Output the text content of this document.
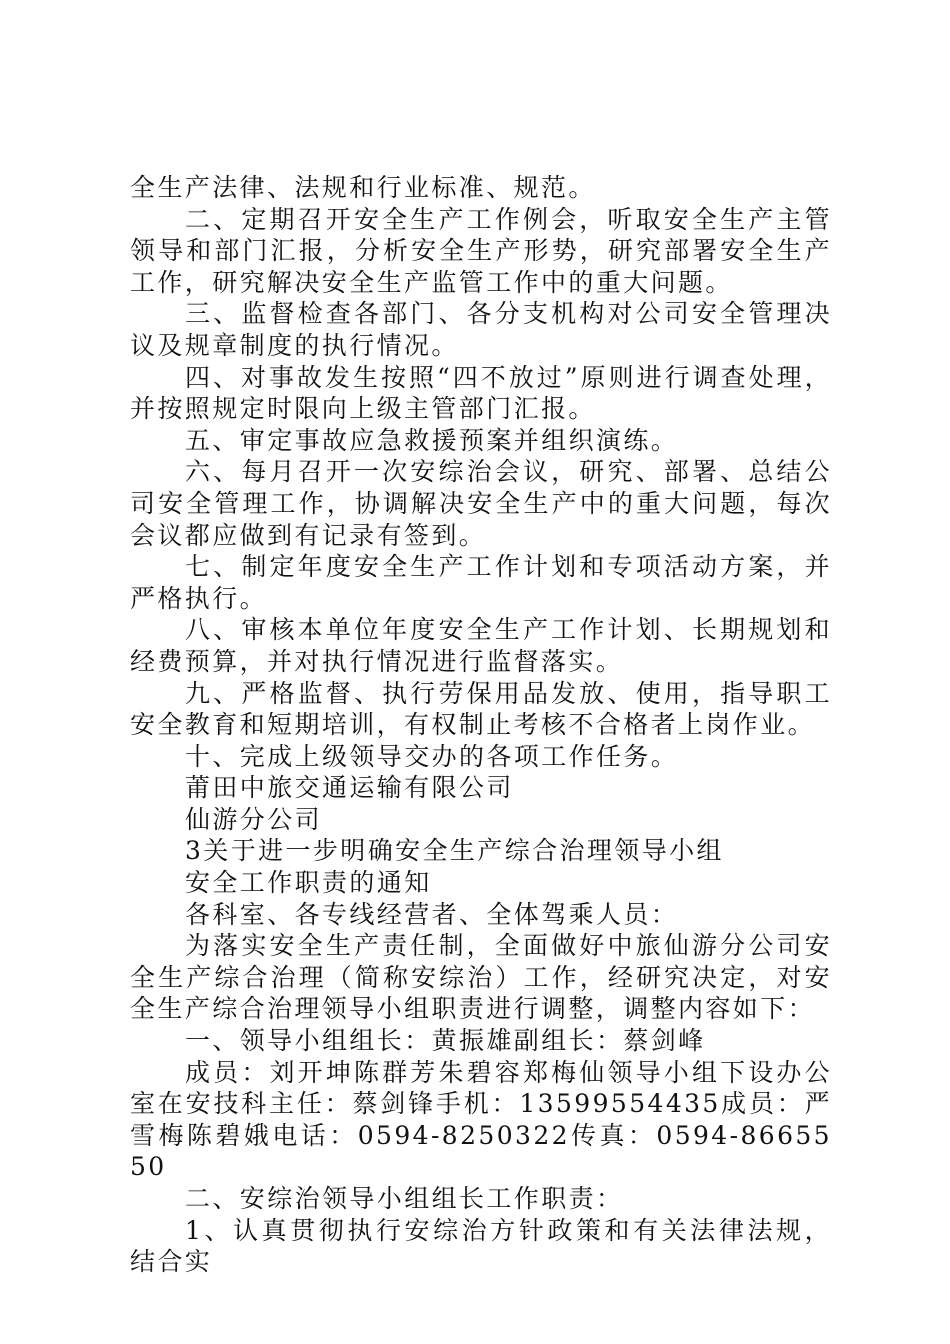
全生产法律、法规和行业标准、规范。

二、定期召开安全生产工作例会，听取安全生产主管领导和部门汇报，分析安全生产形势，研究部署安全生产工作，研究解决安全生产监管工作中的重大问题。

三、监督检查各部门、各分支机构对公司安全管理决议及规章制度的执行情况。

四、对事故发生按照“四不放过”原则进行调查处理，并按照规定时限向上级主管部门汇报。

五、审定事故应急救援预案并组织演练。

六、每月召开一次安综治会议，研究、部署、总结公司安全管理工作，协调解决安全生产中的重大问题，每次会议都应做到有记录有签到。

七、制定年度安全生产工作计划和专项活动方案，并严格执行。

八、审核本单位年度安全生产工作计划、长期规划和经费预算，并对执行情况进行监督落实。

九、严格监督、执行劳保用品发放、使用，指导职工安全教育和短期培训，有权制止考核不合格者上岗作业。

十、完成上级领导交办的各项工作任务。

莆田中旅交通运输有限公司

仙游分公司

3关于进一步明确安全生产综合治理领导小组

安全工作职责的通知

各科室、各专线经营者、全体驾乘人员：

为落实安全生产责任制，全面做好中旅仙游分公司安全生产综合治理（简称安综治）工作，经研究决定，对安全生产综合治理领导小组职责进行调整，调整内容如下：

一、领导小组组长：黄振雄副组长：蔡剑峰

成员：刘开坤陈群芳朱碧容郑梅仙领导小组下设办公室在安技科主任：蔡剑锋手机：13599554435成员：严雪梅陈碧娥电话：0594-8250322传真：0594-8665550

二、安综治领导小组组长工作职责：

1、认真贯彻执行安综治方针政策和有关法律法规，结合实
